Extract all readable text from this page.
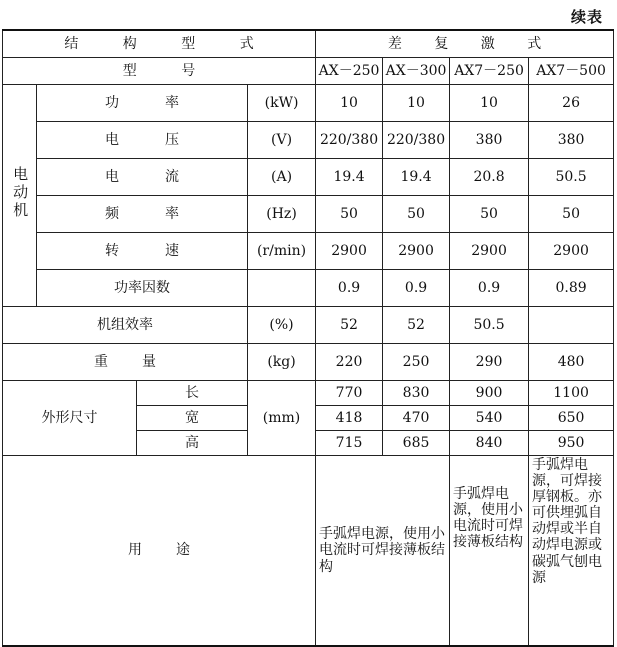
续表
结 构 型 式				差 复 激 式			
型 号				AX－250	AX－300	AX7－250	AX7－500
电动机	功率		(kW)	10	10	10	26
	电压		(V)	220/380	220/380	380	380
	电流		(A)	19.4	19.4	20.8	50.5
	频率		(Hz)	50	50	50	50
	转速		(r/min)	2900	2900	2900	2900
	功率因数			0.9	0.9	0.9	0.89
机组效率			(%)	52	52	50.5	
重量			(kg)	220	250	290	480
外形尺寸		长	(mm)	770	830	900	1100
		宽		418	470	540	650
		高		715	685	840	950
用途				手弧焊电源，使用小电流时可焊接薄板结构		手弧焊电源，使用小电流时可焊接薄板结构	手弧焊电源，可焊接厚钢板。亦可供埋弧自动焊或半自动焊电源或碳弧气刨电源
